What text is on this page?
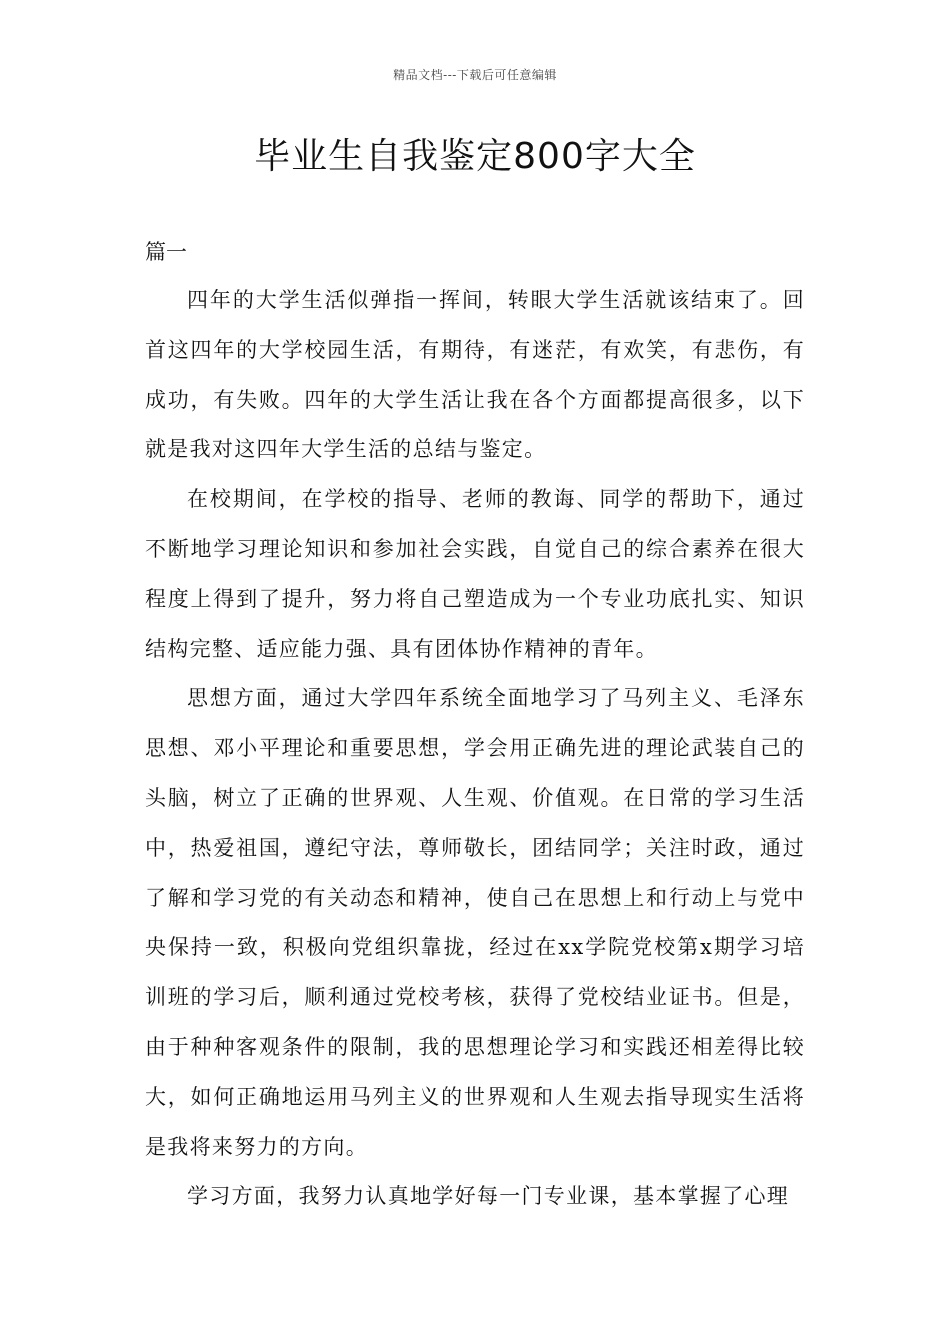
精品文档---下载后可任意编辑
毕业生自我鉴定800字大全

篇一

四年的大学生活似弹指一挥间，转眼大学生活就该结束了。回首这四年的大学校园生活，有期待，有迷茫，有欢笑，有悲伤，有成功，有失败。四年的大学生活让我在各个方面都提高很多，以下就是我对这四年大学生活的总结与鉴定。

在校期间，在学校的指导、老师的教诲、同学的帮助下，通过不断地学习理论知识和参加社会实践，自觉自己的综合素养在很大程度上得到了提升，努力将自己塑造成为一个专业功底扎实、知识结构完整、适应能力强、具有团体协作精神的青年。

思想方面，通过大学四年系统全面地学习了马列主义、毛泽东思想、邓小平理论和重要思想，学会用正确先进的理论武装自己的头脑，树立了正确的世界观、人生观、价值观。在日常的学习生活中，热爱祖国，遵纪守法，尊师敬长，团结同学；关注时政，通过了解和学习党的有关动态和精神，使自己在思想上和行动上与党中央保持一致，积极向党组织靠拢，经过在xx学院党校第x期学习培训班的学习后，顺利通过党校考核，获得了党校结业证书。但是，由于种种客观条件的限制，我的思想理论学习和实践还相差得比较大，如何正确地运用马列主义的世界观和人生观去指导现实生活将是我将来努力的方向。

学习方面，我努力认真地学好每一门专业课，基本掌握了心理
